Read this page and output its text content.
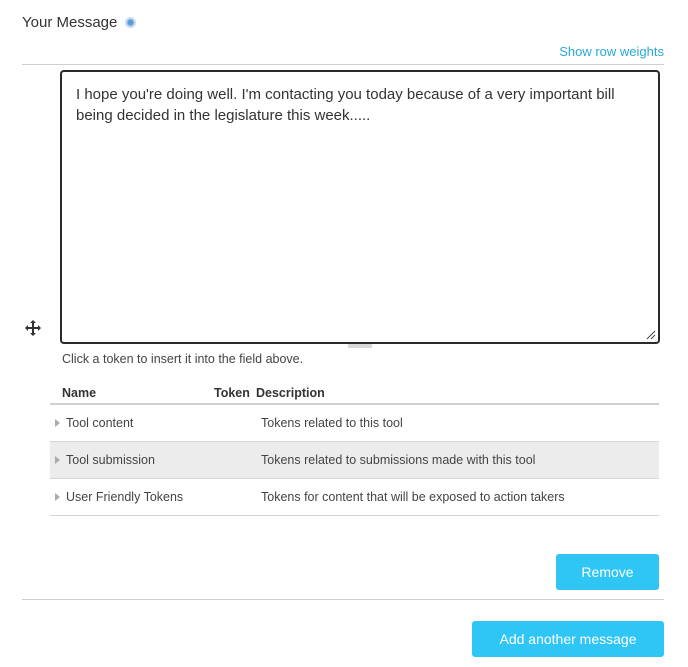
Your Message
Show row weights
I hope you're doing well. I'm contacting you today because of a very important bill being decided in the legislature this week.....
Click a token to insert it into the field above.
Name	Token	Description
Tool content		Tokens related to this tool
Tool submission		Tokens related to submissions made with this tool
User Friendly Tokens		Tokens for content that will be exposed to action takers
Remove
Add another message
